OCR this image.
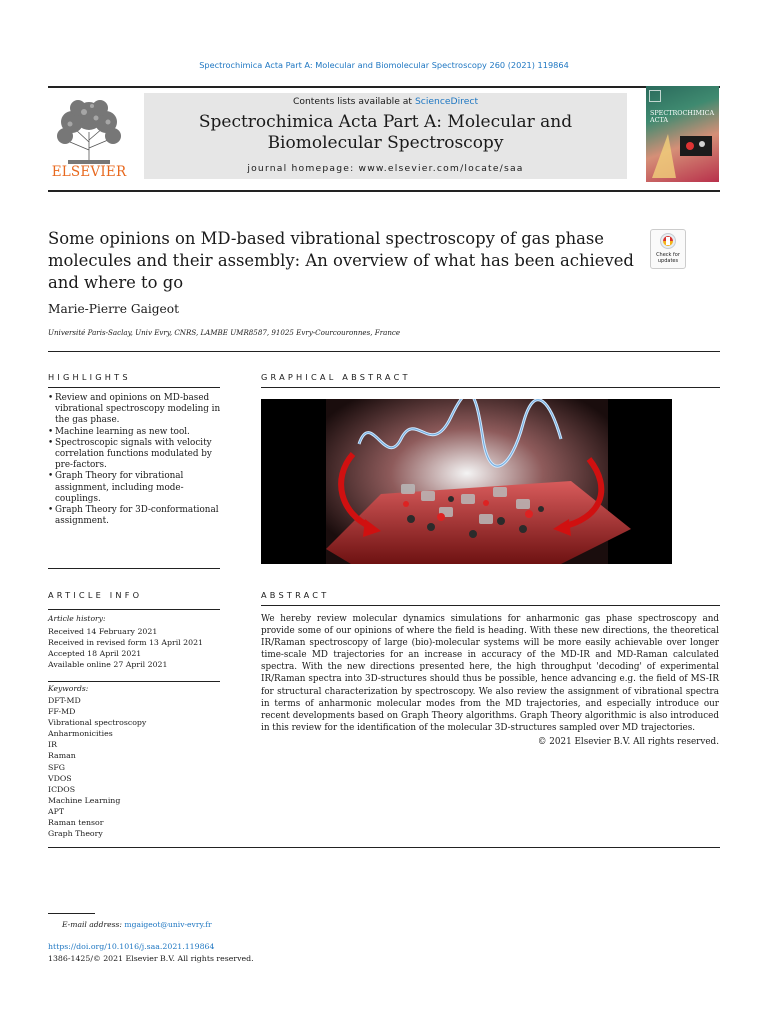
Spectrochimica Acta Part A: Molecular and Biomolecular Spectroscopy 260 (2021) 119864
ELSEVIER
Contents lists available at ScienceDirect
Spectrochimica Acta Part A: Molecular and
Biomolecular Spectroscopy
journal homepage: www.elsevier.com/locate/saa
SPECTROCHIMICA
ACTA
Some opinions on MD-based vibrational spectroscopy of gas phase molecules and their assembly: An overview of what has been achieved and where to go
Check for
updates
Marie-Pierre Gaigeot
Université Paris-Saclay, Univ Evry, CNRS, LAMBE UMR8587, 91025 Evry-Courcouronnes, France
HIGHLIGHTS
• Review and opinions on MD-based vibrational spectroscopy modeling in the gas phase.
• Machine learning as new tool.
• Spectroscopic signals with velocity correlation functions modulated by pre-factors.
• Graph Theory for vibrational assignment, including mode-couplings.
• Graph Theory for 3D-conformational assignment.
GRAPHICAL ABSTRACT
ARTICLE INFO
Article history:
Received 14 February 2021
Received in revised form 13 April 2021
Accepted 18 April 2021
Available online 27 April 2021
Keywords:
DFT-MD
FF-MD
Vibrational spectroscopy
Anharmonicities
IR
Raman
SFG
VDOS
ICDOS
Machine Learning
APT
Raman tensor
Graph Theory
ABSTRACT
We hereby review molecular dynamics simulations for anharmonic gas phase spectroscopy and provide some of our opinions of where the field is heading. With these new directions, the theoretical IR/Raman spectroscopy of large (bio)-molecular systems will be more easily achievable over longer time-scale MD trajectories for an increase in accuracy of the MD-IR and MD-Raman calculated spectra. With the new directions presented here, the high throughput 'decoding' of experimental IR/Raman spectra into 3D-structures should thus be possible, hence advancing e.g. the field of MS-IR for structural characterization by spectroscopy. We also review the assignment of vibrational spectra in terms of anharmonic molecular modes from the MD trajectories, and especially introduce our recent developments based on Graph Theory algorithms. Graph Theory algorithmic is also introduced in this review for the identification of the molecular 3D-structures sampled over MD trajectories.
© 2021 Elsevier B.V. All rights reserved.
E-mail address: mgaigeot@univ-evry.fr
https://doi.org/10.1016/j.saa.2021.119864
1386-1425/© 2021 Elsevier B.V. All rights reserved.
